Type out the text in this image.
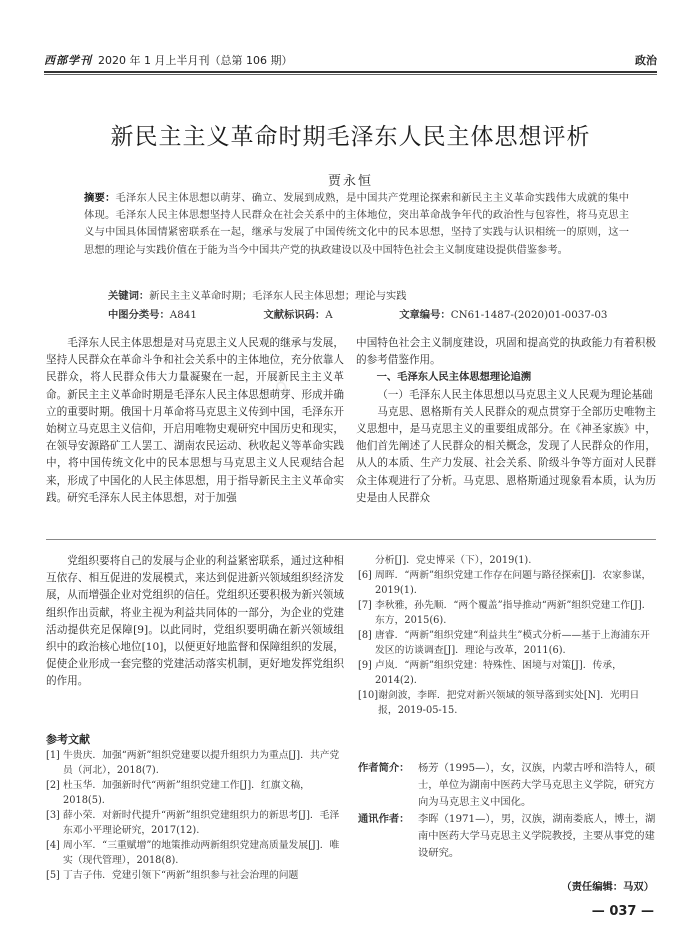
西部学刊 2020 年 1 月上半月刊（总第 106 期）	政治
新民主主义革命时期毛泽东人民主体思想评析
贾永恒
摘要：毛泽东人民主体思想以萌芽、确立、发展到成熟，是中国共产党理论探索和新民主主义革命实践伟大成就的集中体现。毛泽东人民主体思想坚持人民群众在社会关系中的主体地位，突出革命战争年代的政治性与包容性，将马克思主义与中国具体国情紧密联系在一起，继承与发展了中国传统文化中的民本思想，坚持了实践与认识相统一的原则，这一思想的理论与实践价值在于能为当今中国共产党的执政建设以及中国特色社会主义制度建设提供借鉴参考。
关键词：新民主主义革命时期；毛泽东人民主体思想；理论与实践
中图分类号：A841	文献标识码：A	文章编号：CN61-1487-(2020)01-0037-03

毛泽东人民主体思想是对马克思主义人民观的继承与发展，坚持人民群众在革命斗争和社会关系中的主体地位，充分依靠人民群众，将人民群众伟大力量凝聚在一起，开展新民主主义革命。新民主主义革命时期是毛泽东人民主体思想萌芽、形成并确立的重要时期。俄国十月革命将马克思主义传到中国，毛泽东开始树立马克思主义信仰，开启用唯物史观研究中国历史和现实，在领导安源路矿工人罢工、湖南农民运动、秋收起义等革命实践中，将中国传统文化中的民本思想与马克思主义人民观结合起来，形成了中国化的人民主体思想，用于指导新民主主义革命实践。研究毛泽东人民主体思想，对于加强

中国特色社会主义制度建设，巩固和提高党的执政能力有着积极的参考借鉴作用。

一、毛泽东人民主体思想理论追溯

（一）毛泽东人民主体思想以马克思主义人民观为理论基础

马克思、恩格斯有关人民群众的观点贯穿于全部历史唯物主义思想中，是马克思主义的重要组成部分。在《神圣家族》中，他们首先阐述了人民群众的相关概念，发现了人民群众的作用，从人的本质、生产力发展、社会关系、阶级斗争等方面对人民群众主体观进行了分析。马克思、恩格斯通过现象看本质，认为历史是由人民群众

ﾟ

党组织要将自己的发展与企业的利益紧密联系，通过这种相互依存、相互促进的发展模式，来达到促进新兴领域组织经济发展，从而增强企业对党组织的信任。党组织还要积极为新兴领域组织作出贡献，将业主视为利益共同体的一部分，为企业的党建活动提供充足保障[9]。以此同时，党组织要明确在新兴领域组织中的政治核心地位[10]，以便更好地监督和保障组织的发展，促使企业形成一套完整的党建活动落实机制，更好地发挥党组织的作用。

参考文献
[1] 牛贵庆．加强“两新”组织党建要以提升组织力为重点[J]．共产党员（河北），2018(7).
[2] 杜玉华．加强新时代“两新”组织党建工作[J]．红旗文稿，2018(5).
[3] 薛小荣．对新时代提升“两新”组织党建组织力的新思考[J]．毛泽东邓小平理论研究，2017(12).
[4] 周小军．“三重赋增”的地策推动两新组织党建高质量发展[J]．唯实（现代管理），2018(8).
[5] 丁吉子伟．党建引领下“两新”组织参与社会治理的问题
分析[J]．党史博采（下），2019(1).
[6] 周晖．“两新”组织党建工作存在问题与路径探索[J]．农家参谋，2019(1).
[7] 李秋雅，孙先顺．“两个覆盖”指导推动“两新”组织党建工作[J]．东方，2015(6).
[8] 唐睿．“两新”组织党建“利益共生”模式分析——基于上海浦东开发区的访谈调查[J]．理论与改革，2011(6).
[9] 卢岚．“两新”组织党建：特殊性、困境与对策[J]．传承，2014(2).
[10] 谢剑波，李晖．把党对新兴领域的领导落到实处[N]．光明日报，2019-05-15.
作者简介： 杨芳（1995—），女，汉族，内蒙古呼和浩特人，硕士，单位为湖南中医药大学马克思主义学院，研究方向为马克思主义中国化。
通讯作者： 李晖（1971—），男，汉族，湖南娄底人，博士，湖南中医药大学马克思主义学院教授，主要从事党的建设研究。
（责任编辑：马双）
— 037 —
